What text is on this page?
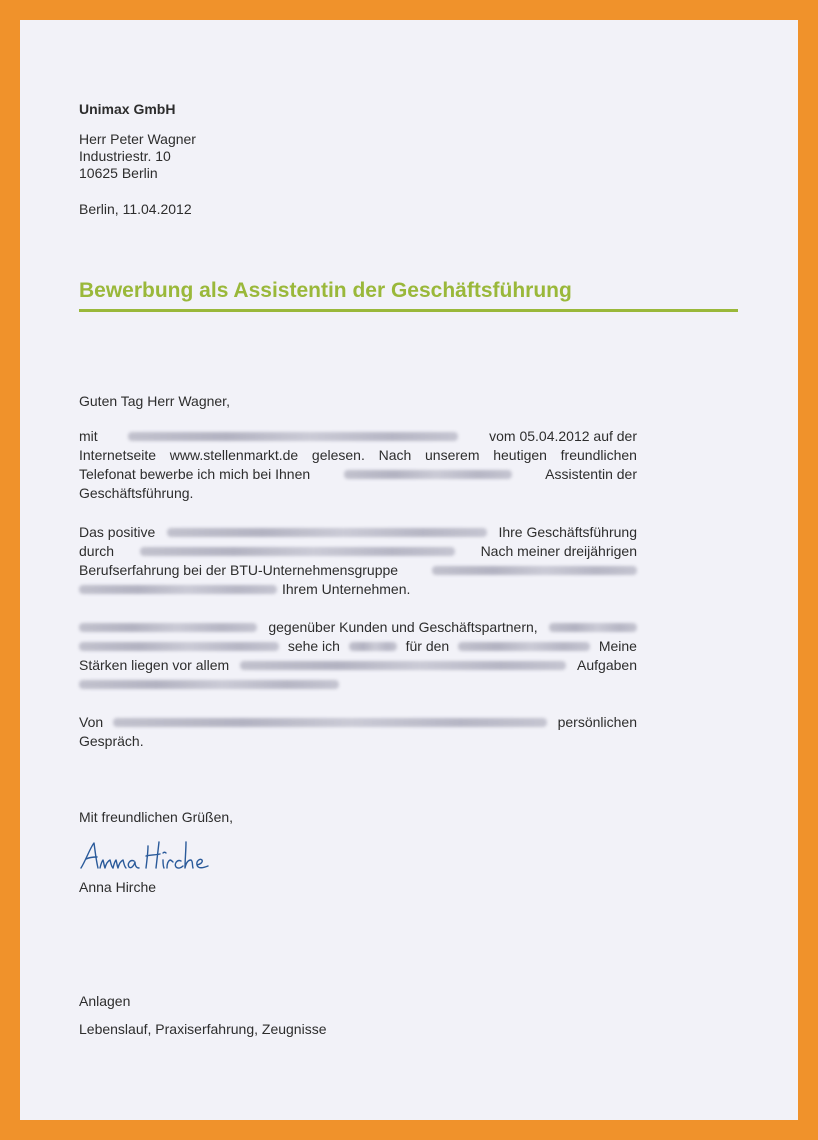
Unimax GmbH
Herr Peter Wagner
Industriestr. 10
10625 Berlin
Berlin, 11.04.2012
Bewerbung als Assistentin der Geschäftsführung
Guten Tag Herr Wagner,
mit	vom 05.04.2012 auf der
Internetseite www.stellenmarkt.de gelesen. Nach unserem heutigen freundlichen
Telefonat bewerbe ich mich bei Ihnen	Assistentin der
Geschäftsführung.
Das positive	Ihre Geschäftsführung
durch	Nach meiner dreijährigen
Berufserfahrung bei der BTU-Unternehmensgruppe
Ihrem Unternehmen.
gegenüber Kunden und Geschäftspartnern,
sehe ich	für den	Meine
Stärken liegen vor allem	Aufgaben
Von	persönlichen
Gespräch.
Mit freundlichen Grüßen,
Anna Hirche
Anlagen
Lebenslauf, Praxiserfahrung, Zeugnisse
